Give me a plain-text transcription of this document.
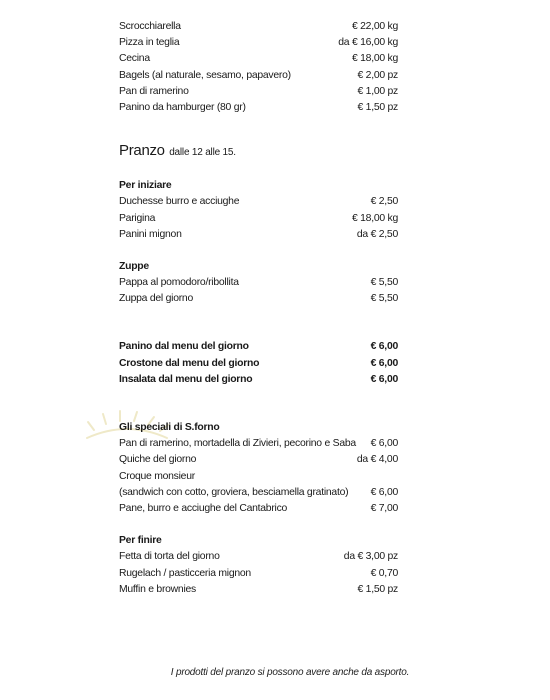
Scrocchiarella	€ 22,00 kg
Pizza in teglia	da € 16,00 kg
Cecina	€ 18,00 kg
Bagels (al naturale, sesamo, papavero)	€ 2,00 pz
Pan di ramerino	€ 1,00 pz
Panino da hamburger (80 gr)	€ 1,50 pz
Pranzo dalle 12 alle 15.
Per iniziare
Duchesse burro e acciughe	€ 2,50
Parigina	€ 18,00 kg
Panini mignon	da € 2,50
Zuppe
Pappa al pomodoro/ribollita	€ 5,50
Zuppa del giorno	€ 5,50
Panino dal menu del giorno	€ 6,00
Crostone dal menu del giorno	€ 6,00
Insalata dal menu del giorno	€ 6,00
Gli speciali di S.forno
Pan di ramerino, mortadella di Zivieri, pecorino e Saba € 6,00
Quiche del giorno	da € 4,00
Croque monsieur
(sandwich con cotto, groviera, besciamella gratinato) € 6,00
Pane, burro e acciughe del Cantabrico	€ 7,00
Per finire
Fetta di torta del giorno	da € 3,00 pz
Rugelach / pasticceria mignon	€ 0,70
Muffin e brownies	€ 1,50 pz
I prodotti del pranzo si possono avere anche da asporto.
